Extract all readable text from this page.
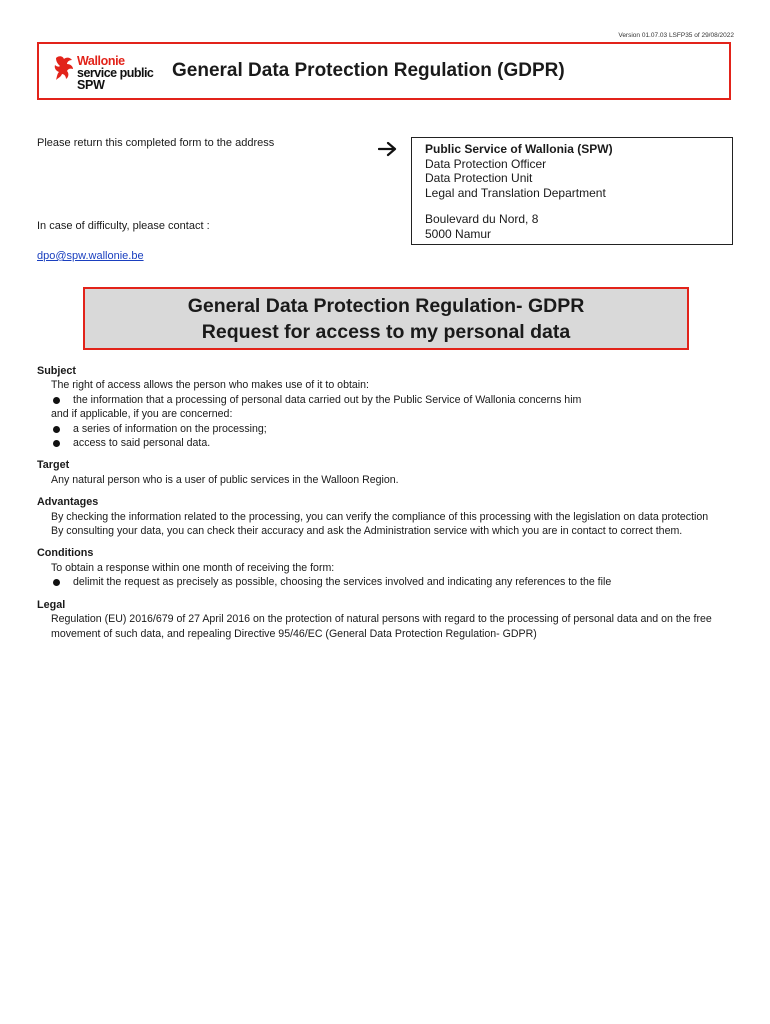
Version 01.07.03 LSFP35 of 29/08/2022
Wallonie
service public
SPW
General Data Protection Regulation (GDPR)
Please return this completed form to the address	Public Service of Wallonia (SPW)
Data Protection Officer
Data Protection Unit
Legal and Translation Department
Boulevard du Nord, 8
5000 Namur
In case of difficulty, please contact :
dpo@spw.wallonie.be
General Data Protection Regulation- GDPR
Request for access to my personal data
Subject
The right of access allows the person who makes use of it to obtain:
the information that a processing of personal data carried out by the Public Service of Wallonia concerns him
and if applicable, if you are concerned:
a series of information on the processing;
access to said personal data.
Target
Any natural person who is a user of public services in the Walloon Region.
Advantages
By checking the information related to the processing, you can verify the compliance of this processing with the legislation on data protection
By consulting your data, you can check their accuracy and ask the Administration service with which you are in contact to correct them.
Conditions
To obtain a response within one month of receiving the form:
delimit the request as precisely as possible, choosing the services involved and indicating any references to the file
Legal
Regulation (EU) 2016/679 of 27 April 2016 on the protection of natural persons with regard to the processing of personal data and on the free movement of such data, and repealing Directive 95/46/EC (General Data Protection Regulation- GDPR)
